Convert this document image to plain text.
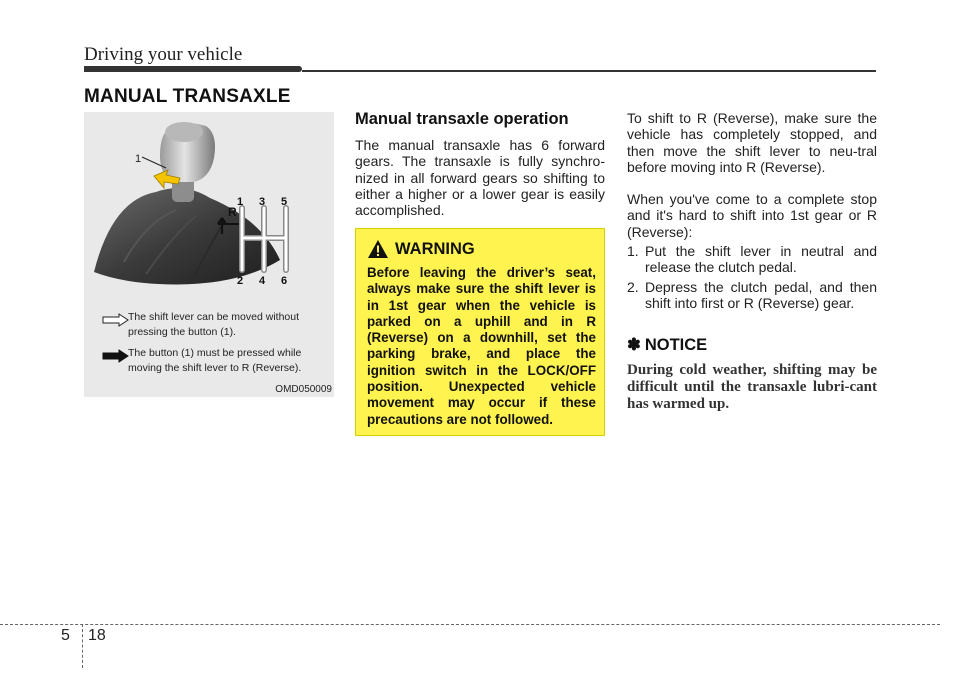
Driving your vehicle
MANUAL TRANSAXLE
1
R
1 3 5
2 4 6
The shift lever can be moved without pressing the button (1).
The button (1) must be pressed while moving the shift lever to R (Reverse).
OMD050009
Manual transaxle operation
The manual transaxle has 6 forward gears. The transaxle is fully synchro-nized in all forward gears so shifting to either a higher or a lower gear is easily accomplished.
WARNING
Before leaving the driver’s seat, always make sure the shift lever is in 1st gear when the vehicle is parked on a uphill and in R (Reverse) on a downhill, set the parking brake, and place the ignition switch in the LOCK/OFF position. Unexpected vehicle movement may occur if these precautions are not followed.
To shift to R (Reverse), make sure the vehicle has completely stopped, and then move the shift lever to neu-tral before moving into R (Reverse).
When you've come to a complete stop and it's hard to shift into 1st gear or R (Reverse):
1. Put the shift lever in neutral and release the clutch pedal.
2. Depress the clutch pedal, and then shift into first or R (Reverse) gear.
✽ NOTICE
During cold weather, shifting may be difficult until the transaxle lubri-cant has warmed up.
5 18
